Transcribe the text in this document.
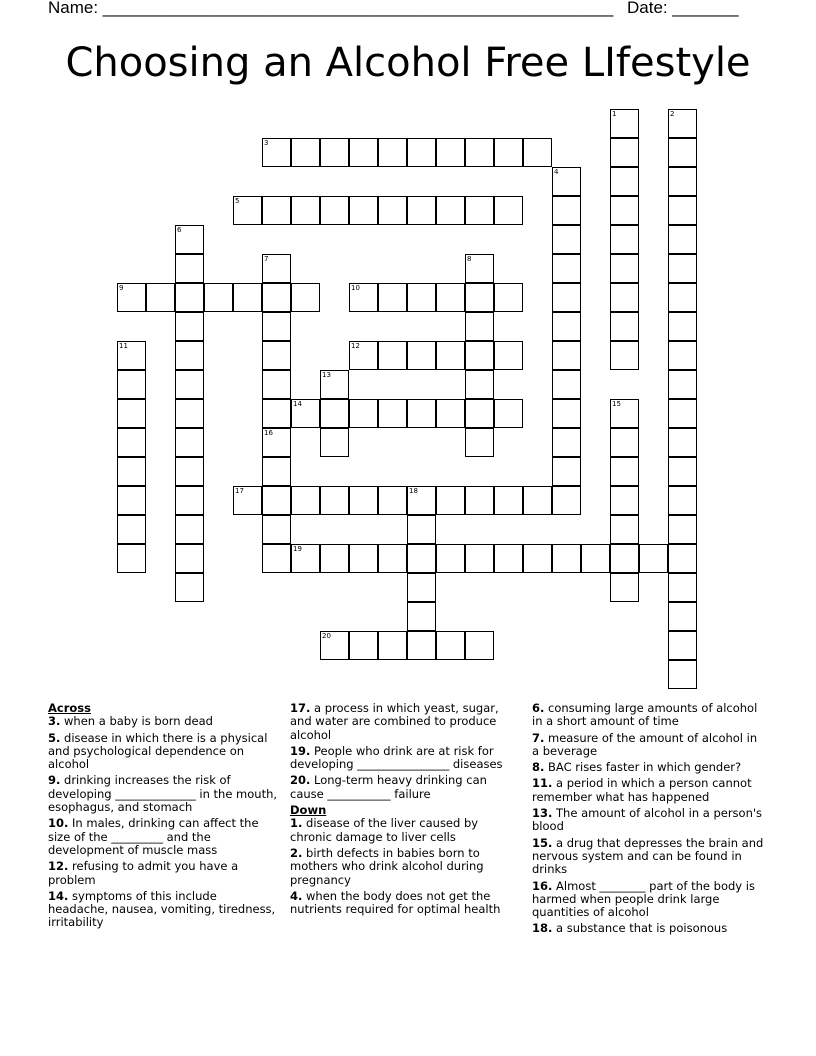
Name: ______________________________________________________ Date: _______
Choosing an Alcohol Free LIfestyle
3
5
9	10
12
14
17
19
20
1	2
4
6
7	8
11
13
15
16
18
Across
3. when a baby is born dead
5. disease in which there is a physical and psychological dependence on alcohol
9. drinking increases the risk of developing ______________ in the mouth, esophagus, and stomach
10. In males, drinking can affect the size of the _________ and the development of muscle mass
12. refusing to admit you have a problem
14. symptoms of this include headache, nausea, vomiting, tiredness, irritability
17. a process in which yeast, sugar, and water are combined to produce alcohol
19. People who drink are at risk for developing ________________ diseases
20. Long-term heavy drinking can cause ___________ failure
Down
1. disease of the liver caused by chronic damage to liver cells
2. birth defects in babies born to mothers who drink alcohol during pregnancy
4. when the body does not get the nutrients required for optimal health
6. consuming large amounts of alcohol in a short amount of time
7. measure of the amount of alcohol in a beverage
8. BAC rises faster in which gender?
11. a period in which a person cannot remember what has happened
13. The amount of alcohol in a person's blood
15. a drug that depresses the brain and nervous system and can be found in drinks
16. Almost ________ part of the body is harmed when people drink large quantities of alcohol
18. a substance that is poisonous
